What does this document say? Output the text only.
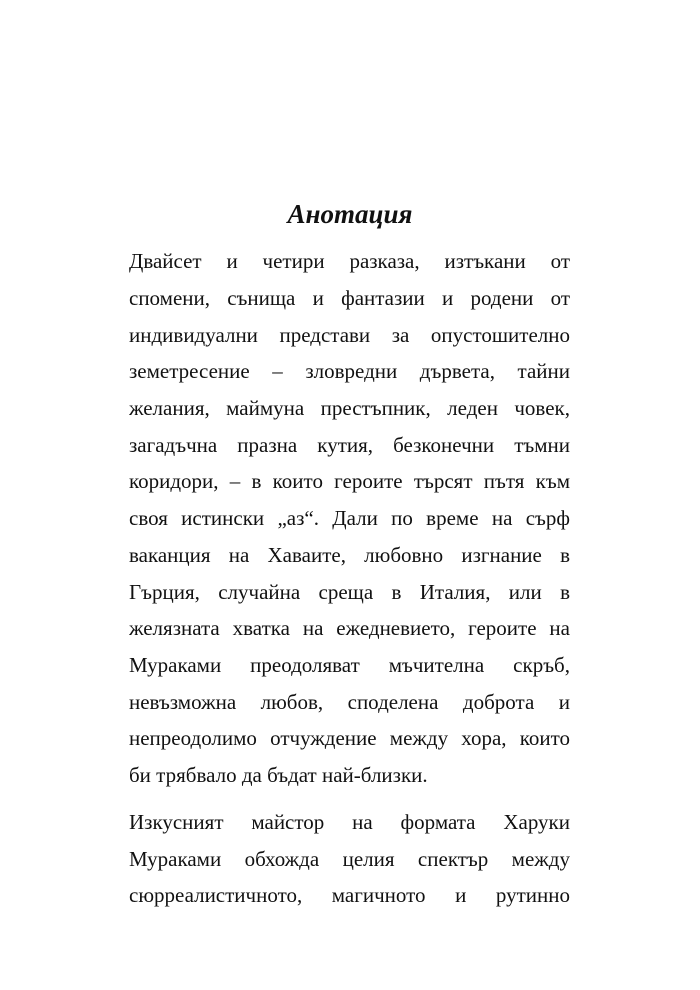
Анотация

Двайсет и четири разказа, изтъкани от

спомени, сънища и фантазии и родени от

индивидуални представи за опустошително

земетресение – зловредни дървета, тайни

желания, маймуна престъпник, леден човек,

загадъчна празна кутия, безконечни тъмни

коридори, – в които героите търсят пътя към

своя истински „аз“. Дали по време на сърф

ваканция на Хаваите, любовно изгнание в

Гърция, случайна среща в Италия, или в

желязната хватка на ежедневието, героите на

Мураками преодоляват мъчителна скръб,

невъзможна любов, споделена доброта и

непреодолимо отчуждение между хора, които

би трябвало да бъдат най-близки.

Изкусният майстор на формата Харуки

Мураками обхожда целия спектър между

сюрреалистичното, магичното и рутинно
